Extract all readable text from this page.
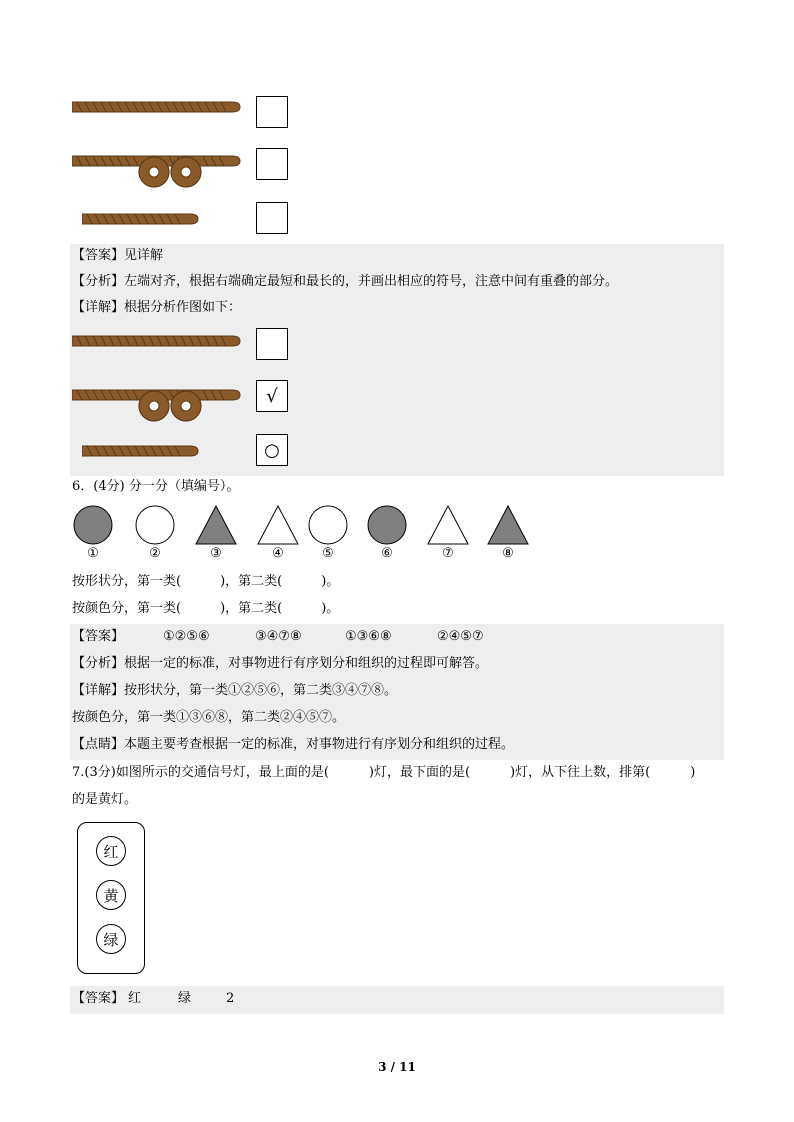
【答案】见详解
【分析】左端对齐，根据右端确定最短和最长的，并画出相应的符号，注意中间有重叠的部分。
【详解】根据分析作图如下：
√
○
6．(4分) 分一分（填编号）。
①	②	③	④	⑤	⑥	⑦	⑧
按形状分，第一类(　　　)，第二类(　　　)。
按颜色分，第一类(　　　)，第二类(　　　)。
【答案】	①②⑤⑥	③④⑦⑧	①③⑥⑧	②④⑤⑦
【分析】根据一定的标准，对事物进行有序划分和组织的过程即可解答。
【详解】按形状分，第一类①②⑤⑥，第二类③④⑦⑧。
按颜色分，第一类①③⑥⑧，第二类②④⑤⑦。
【点睛】本题主要考查根据一定的标准，对事物进行有序划分和组织的过程。
7.(3分)如图所示的交通信号灯，最上面的是(	)灯，最下面的是(	)灯，从下往上数，排第(	)
的是黄灯。
红
黄
绿
【答案】 红	绿	2
3 / 11
